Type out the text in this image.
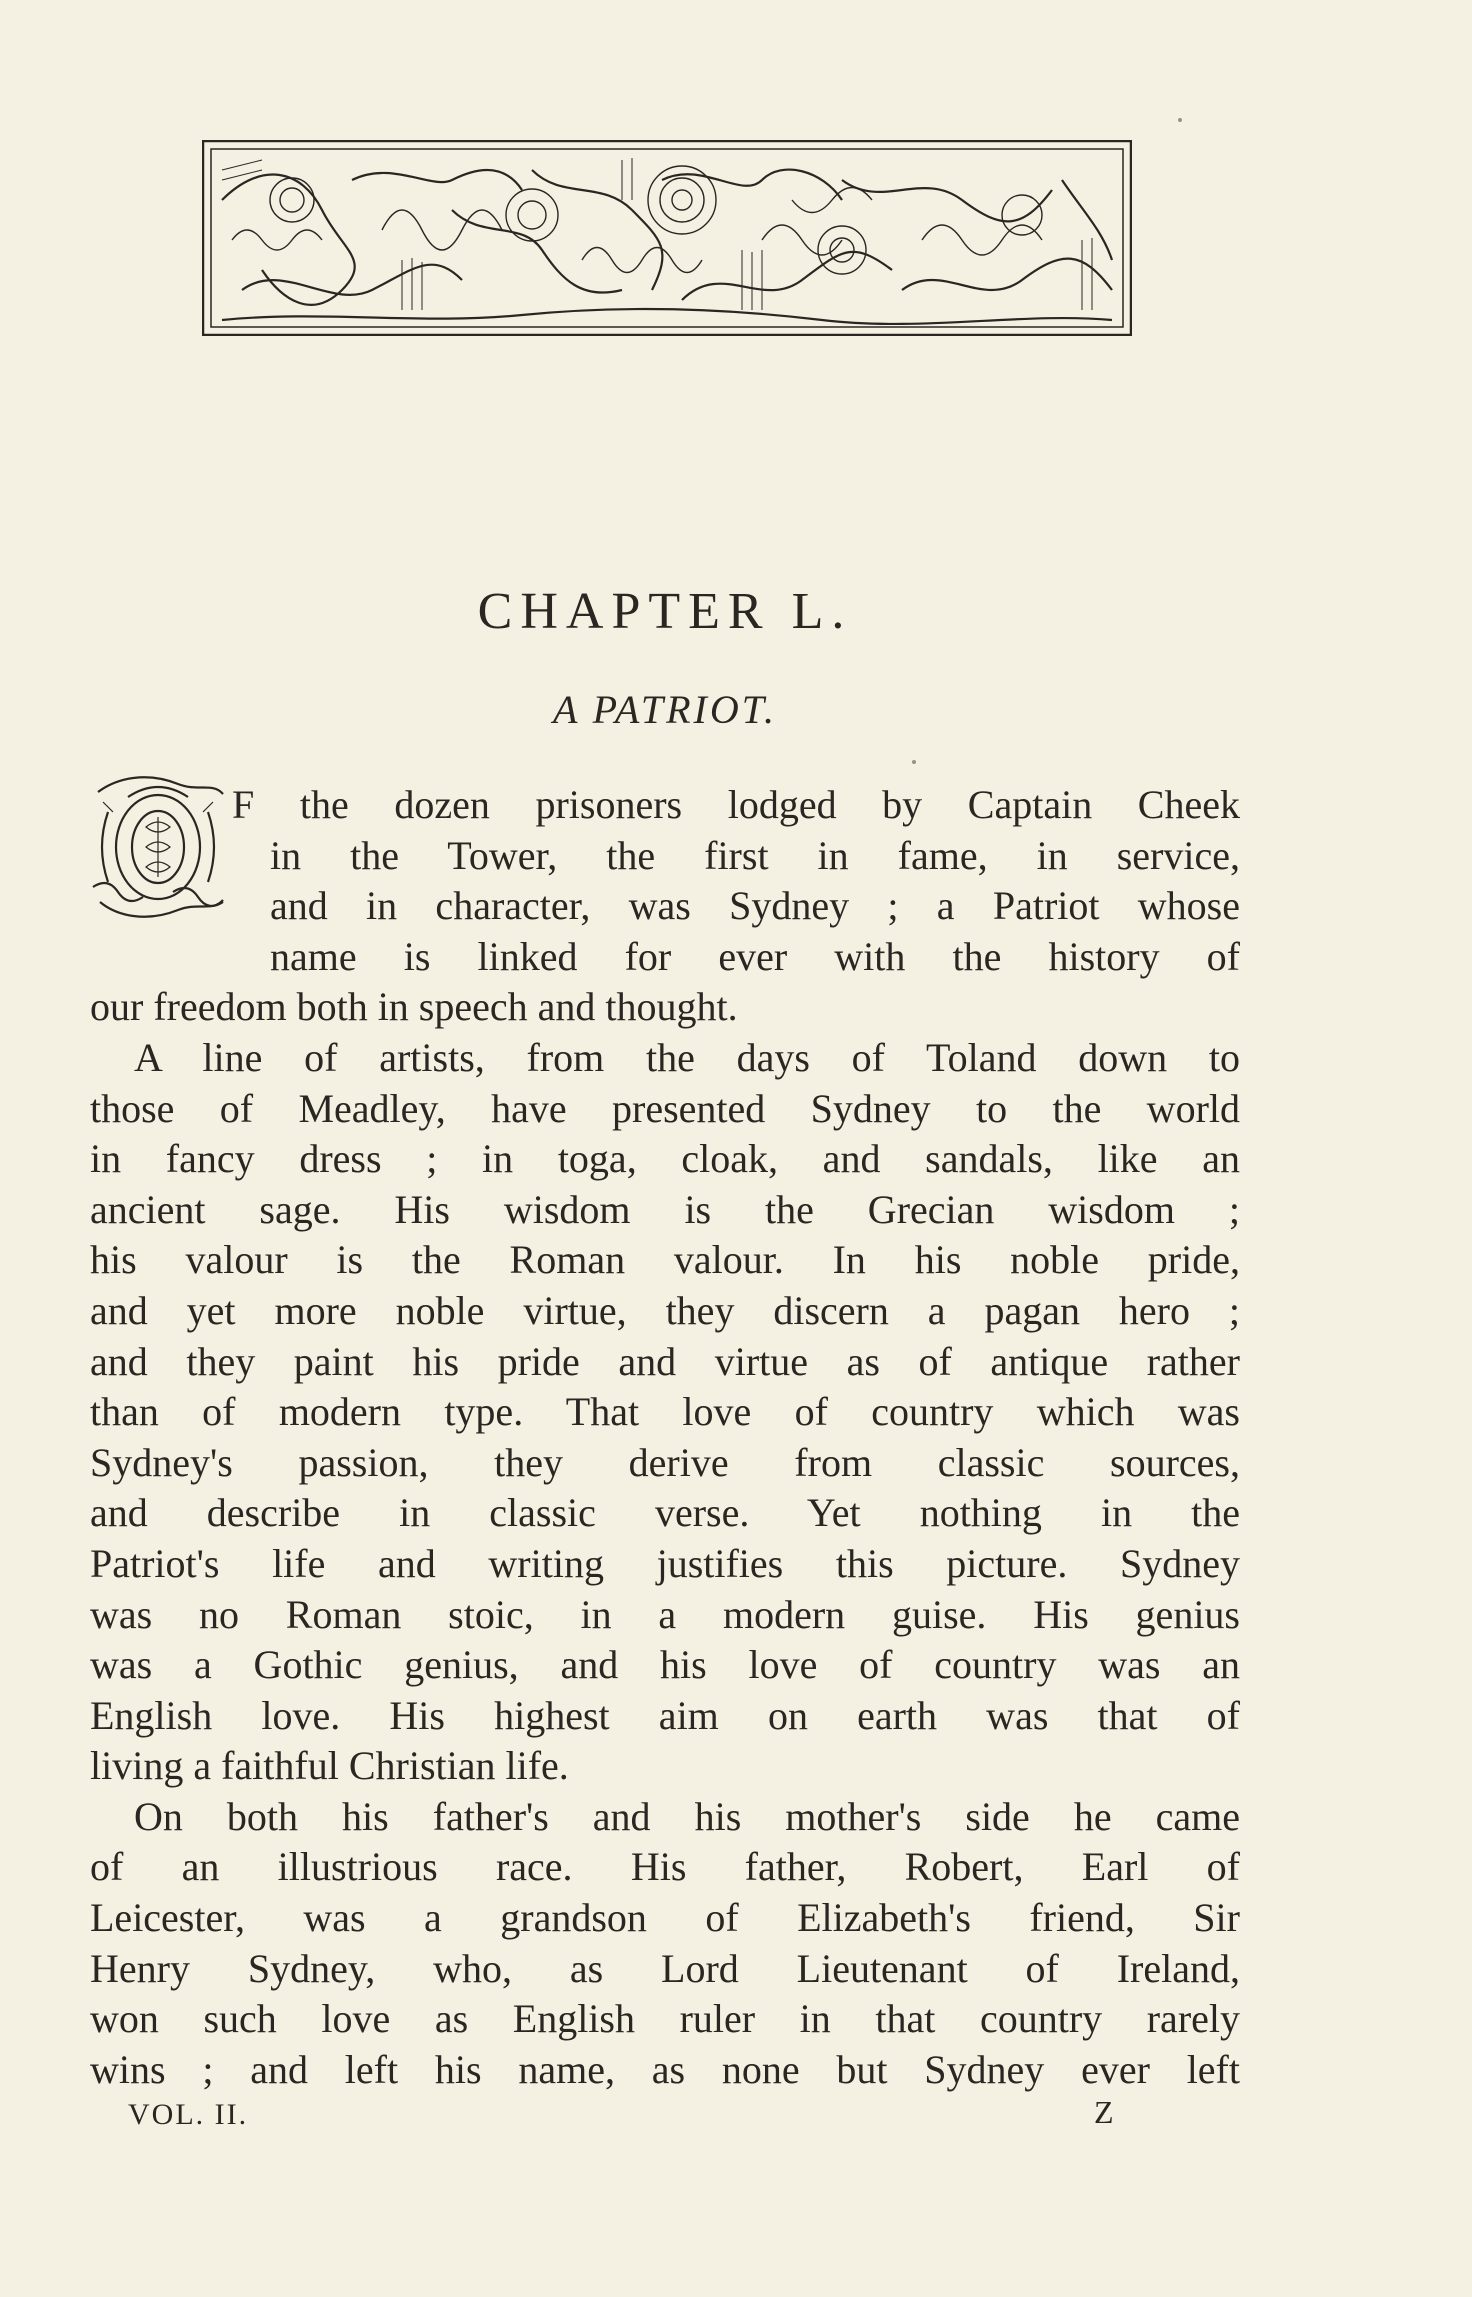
CHAPTER L.
A PATRIOT.
F the dozen prisoners lodged by Captain Cheek
in the Tower, the first in fame, in service,
and in character, was Sydney ; a Patriot whose
name is linked for ever with the history of
our freedom both in speech and thought.
A line of artists, from the days of Toland down to
those of Meadley, have presented Sydney to the world
in fancy dress ; in toga, cloak, and sandals, like an
ancient sage. His wisdom is the Grecian wisdom ;
his valour is the Roman valour. In his noble pride,
and yet more noble virtue, they discern a pagan hero ;
and they paint his pride and virtue as of antique rather
than of modern type. That love of country which was
Sydney's passion, they derive from classic sources,
and describe in classic verse. Yet nothing in the
Patriot's life and writing justifies this picture. Sydney
was no Roman stoic, in a modern guise. His genius
was a Gothic genius, and his love of country was an
English love. His highest aim on earth was that of
living a faithful Christian life.
On both his father's and his mother's side he came
of an illustrious race. His father, Robert, Earl of
Leicester, was a grandson of Elizabeth's friend, Sir
Henry Sydney, who, as Lord Lieutenant of Ireland,
won such love as English ruler in that country rarely
wins ; and left his name, as none but Sydney ever left
VOL. II.	Z
